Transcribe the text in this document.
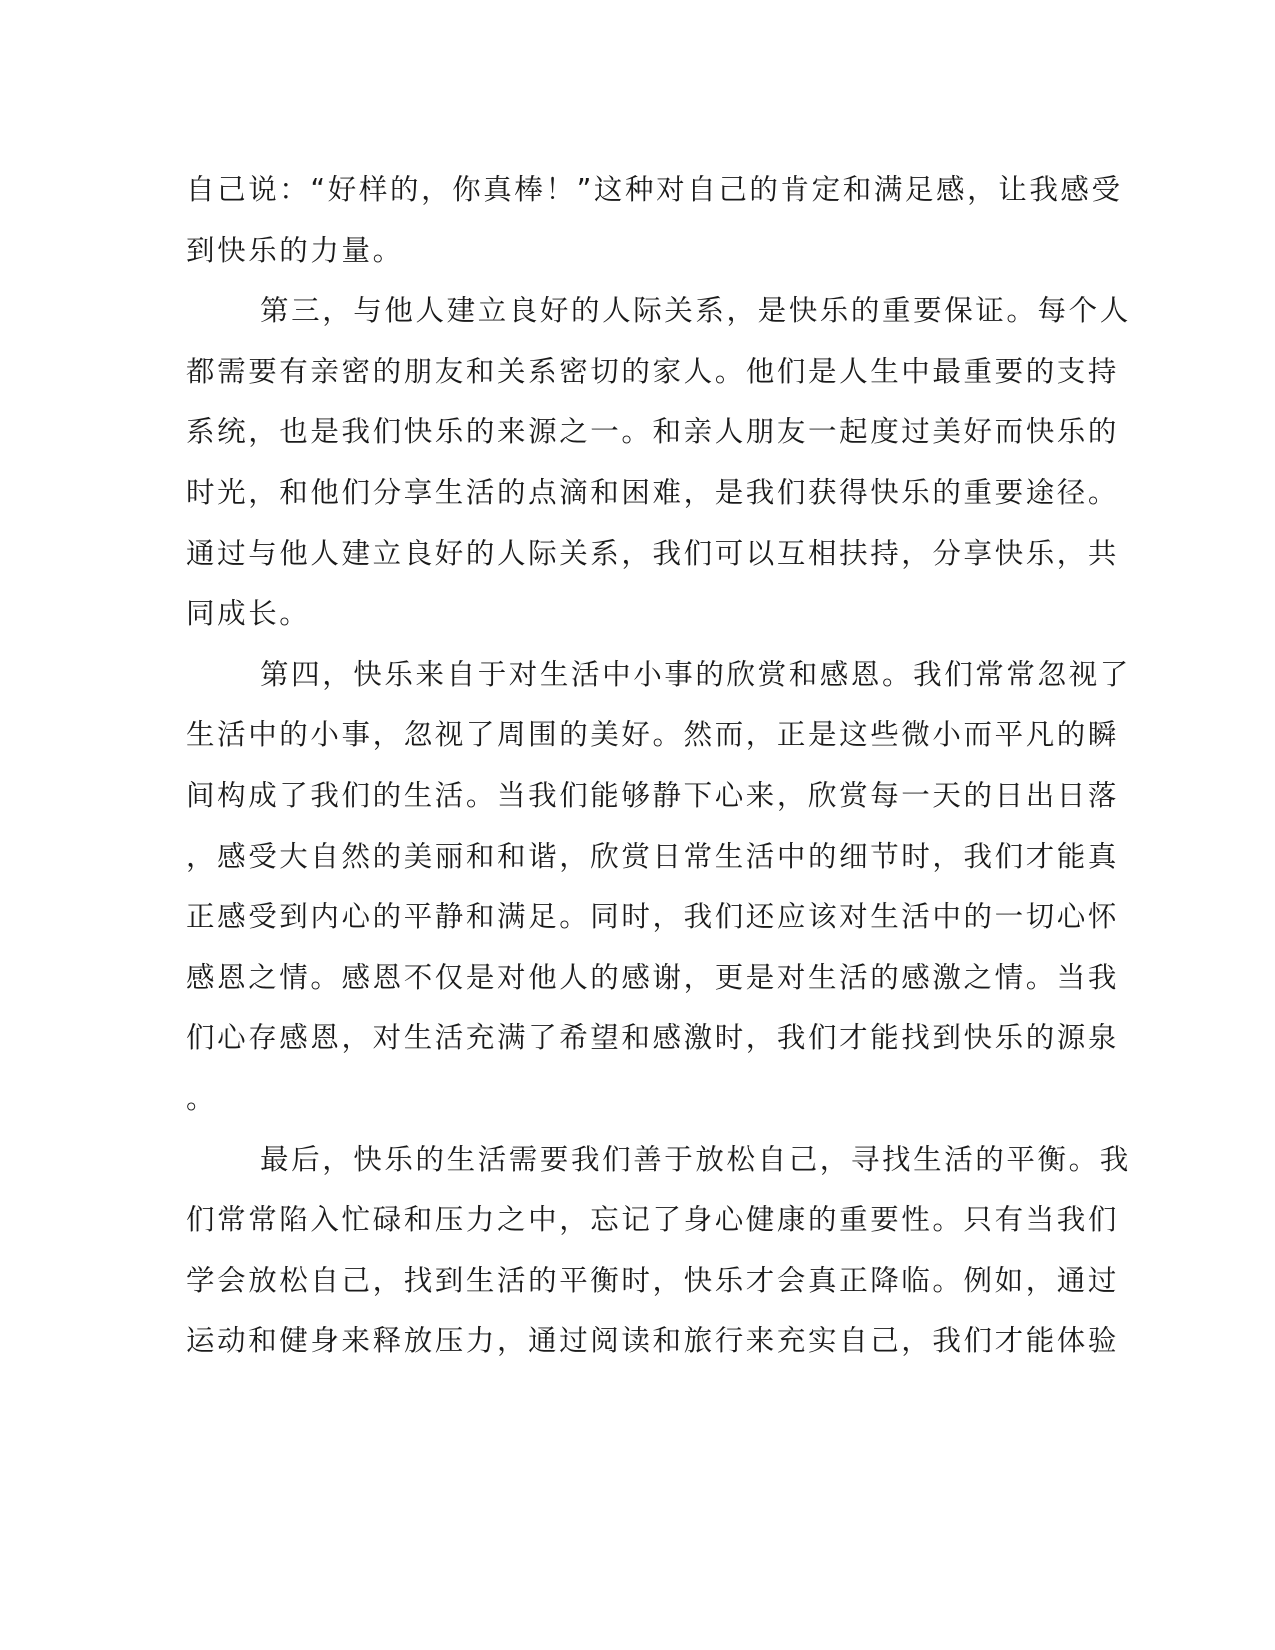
自己说：“好样的，你真棒！”这种对自己的肯定和满足感，让我感受
到快乐的力量。
第三，与他人建立良好的人际关系，是快乐的重要保证。每个人
都需要有亲密的朋友和关系密切的家人。他们是人生中最重要的支持
系统，也是我们快乐的来源之一。和亲人朋友一起度过美好而快乐的
时光，和他们分享生活的点滴和困难，是我们获得快乐的重要途径。
通过与他人建立良好的人际关系，我们可以互相扶持，分享快乐，共
同成长。
第四，快乐来自于对生活中小事的欣赏和感恩。我们常常忽视了
生活中的小事，忽视了周围的美好。然而，正是这些微小而平凡的瞬
间构成了我们的生活。当我们能够静下心来，欣赏每一天的日出日落
，感受大自然的美丽和和谐，欣赏日常生活中的细节时，我们才能真
正感受到内心的平静和满足。同时，我们还应该对生活中的一切心怀
感恩之情。感恩不仅是对他人的感谢，更是对生活的感激之情。当我
们心存感恩，对生活充满了希望和感激时，我们才能找到快乐的源泉
。
最后，快乐的生活需要我们善于放松自己，寻找生活的平衡。我
们常常陷入忙碌和压力之中，忘记了身心健康的重要性。只有当我们
学会放松自己，找到生活的平衡时，快乐才会真正降临。例如，通过
运动和健身来释放压力，通过阅读和旅行来充实自己，我们才能体验
